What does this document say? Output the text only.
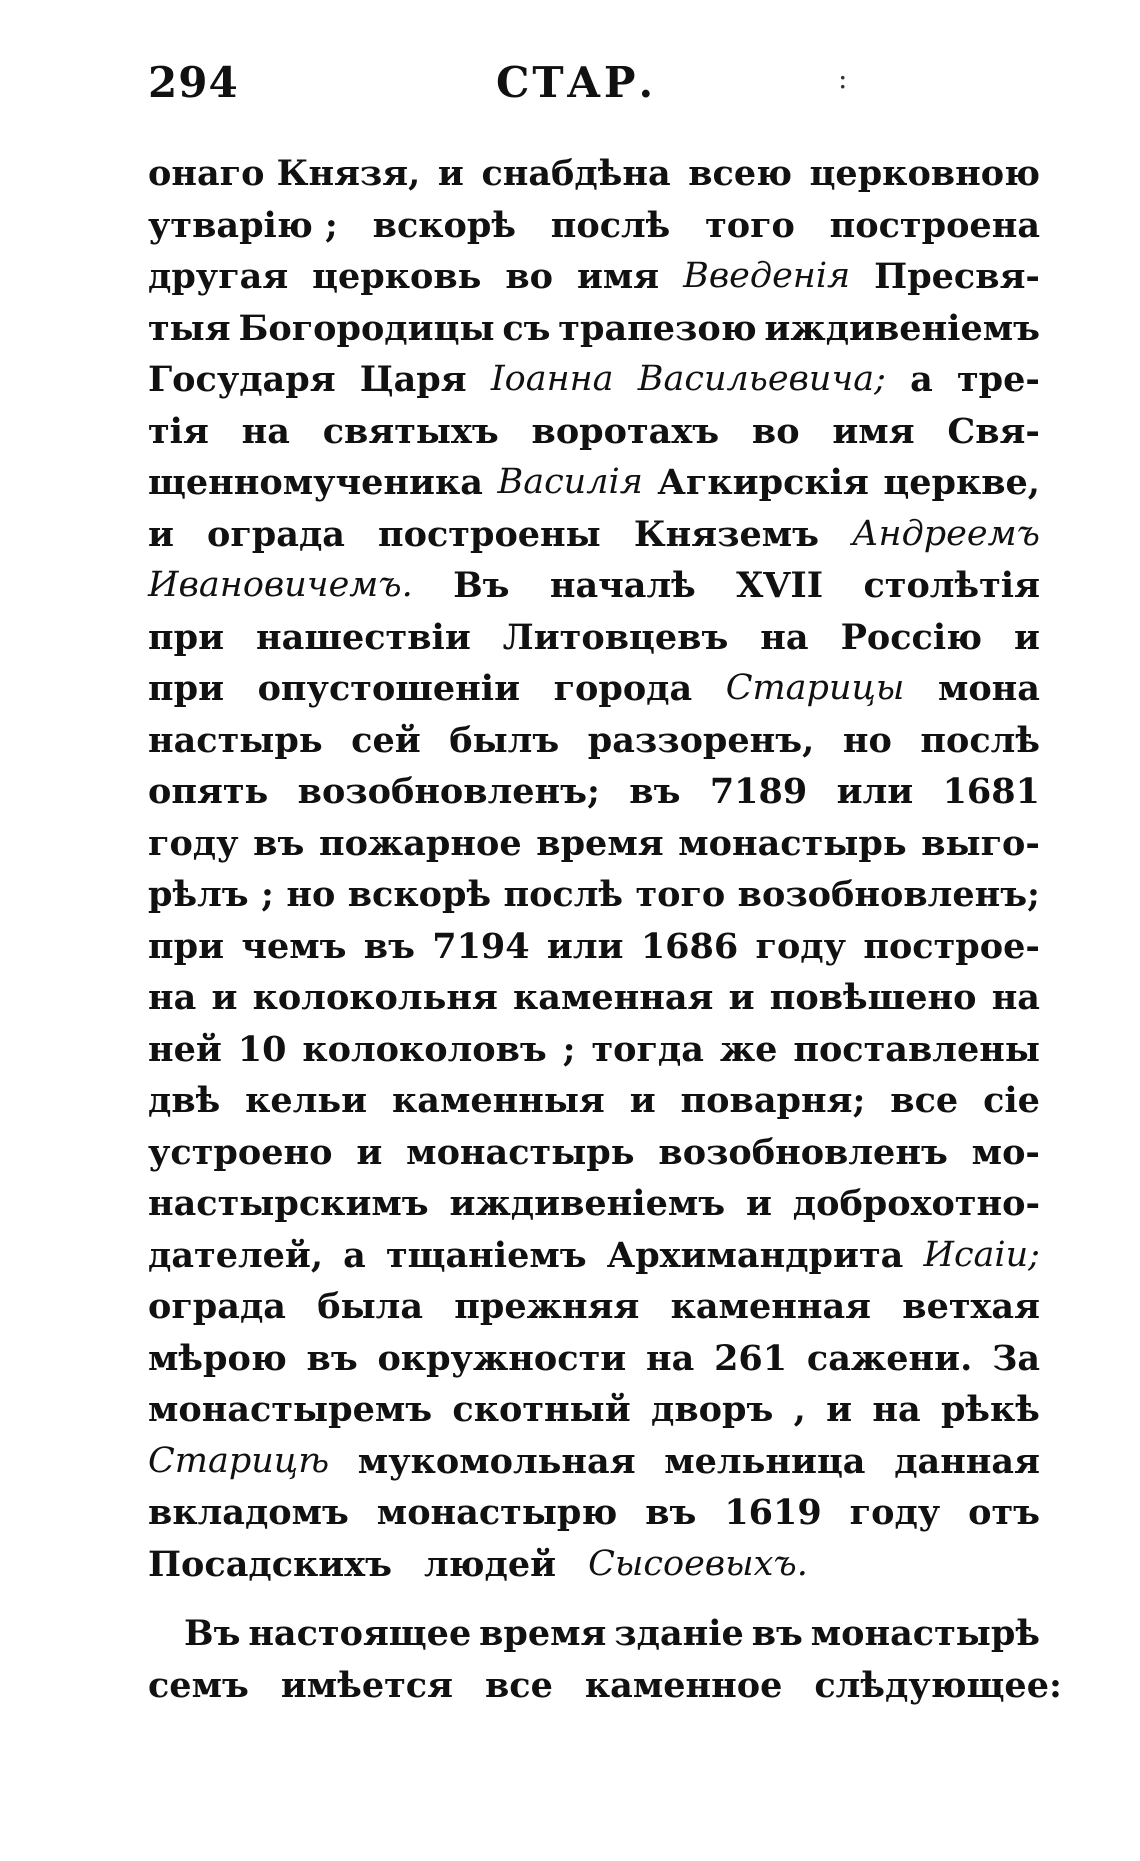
294	СТАР.	:
онаго Князя, и снабдѣна всею церковною
утварію ; вскорѣ послѣ того построена
другая церковь во имя Введенія Пресвя-
тыя Богородицы съ трапезою иждивеніемъ
Государя Царя Іоанна Васильевича; а тре-
тія на святыхъ воротахъ во имя Свя-
щенномученика Василія Агкирскія церкве,
и ограда построены Княземъ Андреемъ
Ивановичемъ. Въ началѣ XVII столѣтія
при нашествіи Литовцевъ на Россію и
при опустошеніи города Старицы мона
настырь сей былъ раззоренъ, но послѣ
опять возобновленъ; въ 7189 или 1681
году въ пожарное время монастырь выго-
рѣлъ ; но вскорѣ послѣ того возобновленъ;
при чемъ въ 7194 или 1686 году построе-
на и колокольня каменная и повѣшено на
ней 10 колоколовъ ; тогда же поставлены
двѣ кельи каменныя и поварня; все сіе
устроено и монастырь возобновленъ мо-
настырскимъ иждивеніемъ и доброхотно-
дателей, а тщаніемъ Архимандрита Исаіи;
ограда была прежняя каменная ветхая
мѣрою въ окружности на 261 сажени. За
монастыремъ скотный дворъ , и на рѣкѣ
Старицѣ мукомольная мельница данная
вкладомъ монастырю въ 1619 году отъ
Посадскихъ людей Сысоевыхъ.
Въ настоящее время зданіе въ монастырѣ
семъ имѣется все каменное слѣдующее:
